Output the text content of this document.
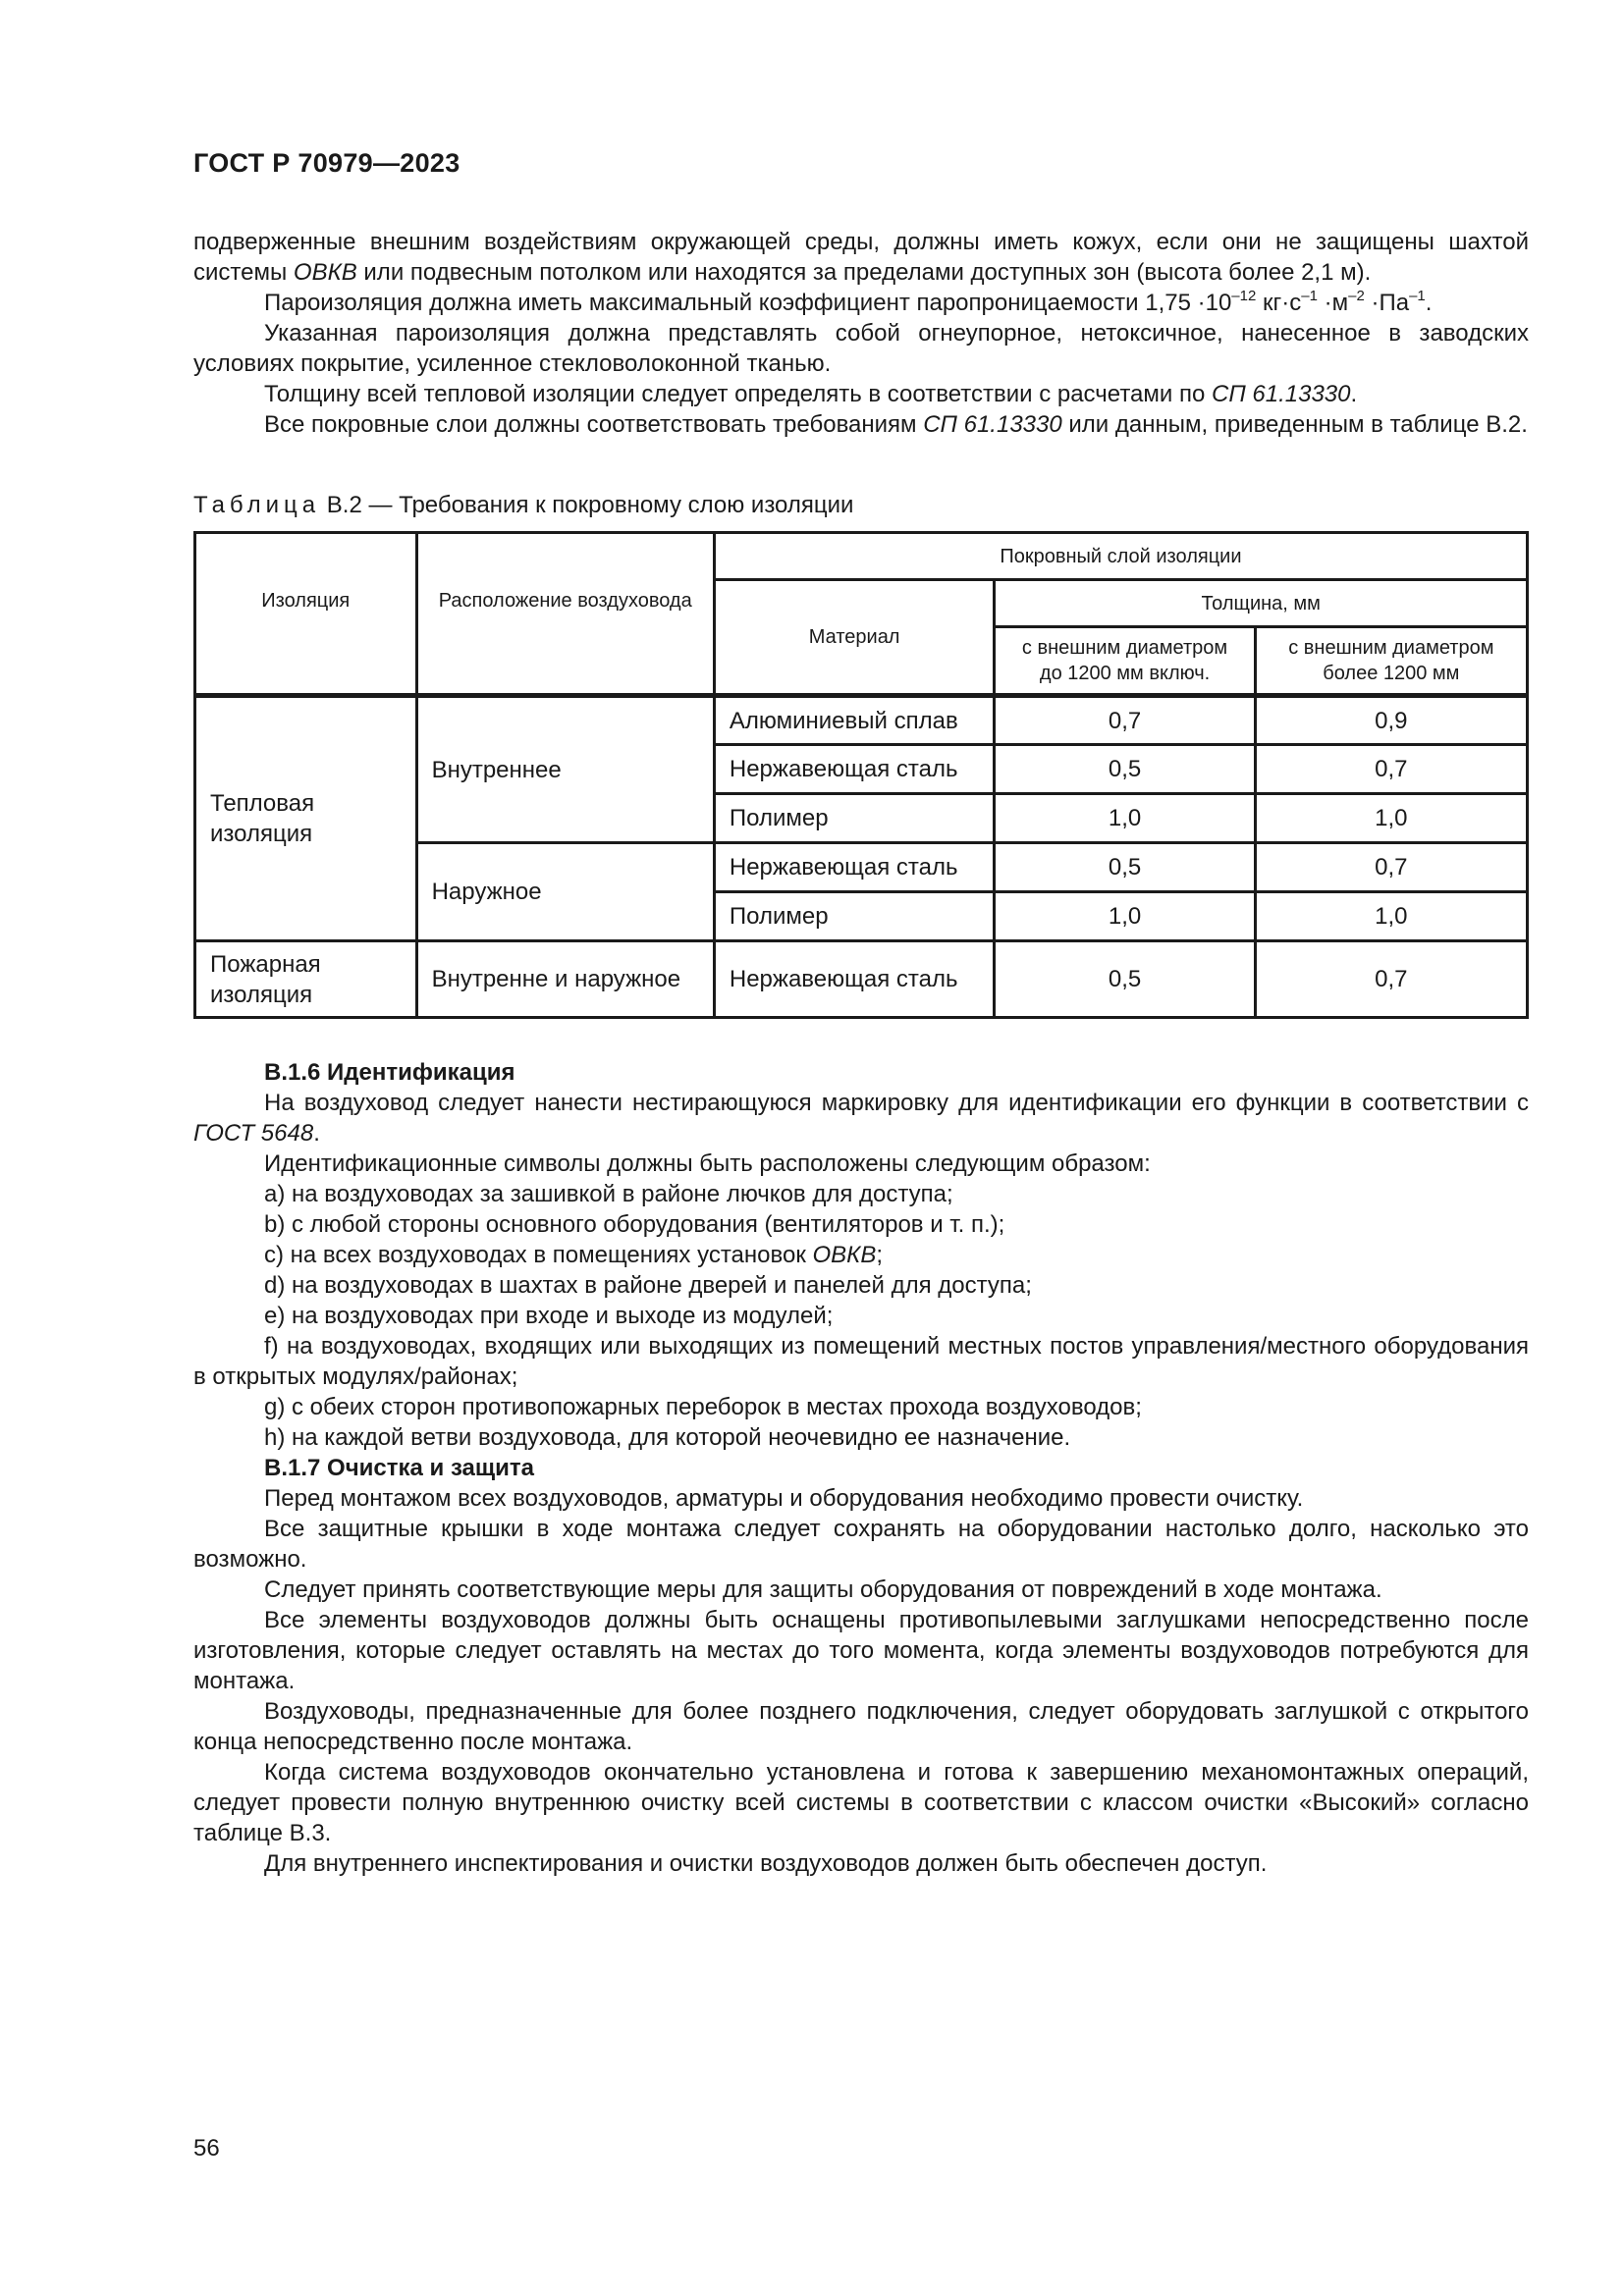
ГОСТ Р 70979—2023

подверженные внешним воздействиям окружающей среды, должны иметь кожух, если они не защищены шахтой системы ОВКВ или подвесным потолком или находятся за пределами доступных зон (высота более 2,1 м).

Пароизоляция должна иметь максимальный коэффициент паропроницаемости $1,75 \cdot 10^{-12}$ $кг\cdot с^{-1} \cdot м^{-2} \cdot Па^{-1}$.

Указанная пароизоляция должна представлять собой огнеупорное, нетоксичное, нанесенное в заводских условиях покрытие, усиленное стекловолоконной тканью.

Толщину всей тепловой изоляции следует определять в соответствии с расчетами по СП 61.13330.

Все покровные слои должны соответствовать требованиям СП 61.13330 или данным, приведенным в таблице В.2.

Таблица В.2 — Требования к покровному слою изоляции
Изоляция	Расположение воздуховода	Покровный слой изоляции		
		Материал	Толщина, мм	
			с внешним диаметром до 1200 мм включ.	с внешним диаметром более 1200 мм
Тепловая изоляция	Внутреннее	Алюминиевый сплав	0,7	0,9
		Нержавеющая сталь	0,5	0,7
		Полимер	1,0	1,0
	Наружное	Нержавеющая сталь	0,5	0,7
		Полимер	1,0	1,0
Пожарная изоляция	Внутренне и наружное	Нержавеющая сталь	0,5	0,7

В.1.6 Идентификация

На воздуховод следует нанести нестирающуюся маркировку для идентификации его функции в соответствии с ГОСТ 5648.

Идентификационные символы должны быть расположены следующим образом:

a) на воздуховодах за зашивкой в районе лючков для доступа;

b) с любой стороны основного оборудования (вентиляторов и т. п.);

c) на всех воздуховодах в помещениях установок ОВКВ;

d) на воздуховодах в шахтах в районе дверей и панелей для доступа;

e) на воздуховодах при входе и выходе из модулей;

f) на воздуховодах, входящих или выходящих из помещений местных постов управления/местного оборудования в открытых модулях/районах;

g) с обеих сторон противопожарных переборок в местах прохода воздуховодов;

h) на каждой ветви воздуховода, для которой неочевидно ее назначение.

В.1.7 Очистка и защита

Перед монтажом всех воздуховодов, арматуры и оборудования необходимо провести очистку.

Все защитные крышки в ходе монтажа следует сохранять на оборудовании настолько долго, насколько это возможно.

Следует принять соответствующие меры для защиты оборудования от повреждений в ходе монтажа.

Все элементы воздуховодов должны быть оснащены противопылевыми заглушками непосредственно после изготовления, которые следует оставлять на местах до того момента, когда элементы воздуховодов потребуются для монтажа.

Воздуховоды, предназначенные для более позднего подключения, следует оборудовать заглушкой с открытого конца непосредственно после монтажа.

Когда система воздуховодов окончательно установлена и готова к завершению механомонтажных операций, следует провести полную внутреннюю очистку всей системы в соответствии с классом очистки «Высокий» согласно таблице В.3.

Для внутреннего инспектирования и очистки воздуховодов должен быть обеспечен доступ.

56
